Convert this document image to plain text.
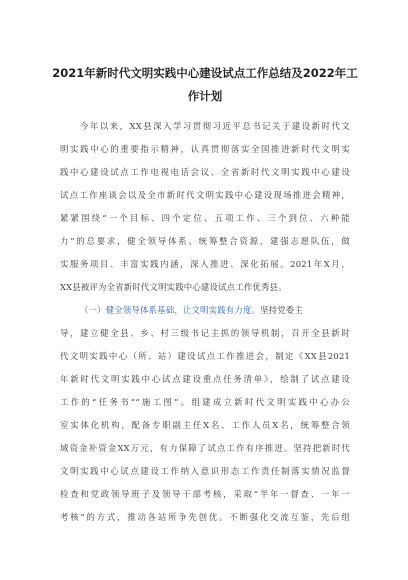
2021年新时代文明实践中心建设试点工作总结及2022年工
作计划
今年以来，XX县深入学习贯彻习近平总书记关于建设新时代文
明实践中心的重要指示精神，认真贯彻落实全国推进新时代文明实
践中心建设试点工作电视电话会议、全省新时代文明实践中心建设
试点工作座谈会以及全市新时代文明实践中心建设现场推进会精神，
紧紧围绕“一个目标、四个定位、五项工作、三个到位、六种能
力”的总要求，健全领导体系、统筹整合资源，建强志愿队伍，做
实服务项目、丰富实践内涵，深入推进、深化拓展。2021年X月，
XX县被评为全省新时代文明实践中心建设试点工作优秀县。
（一）健全领导体系基础，让文明实践有力度。坚持党委主
导，建立健全县、乡、村三级书记主抓的领导机制，召开全县新时
代文明实践中心（所、站）建设试点工作推进会，制定《XX县2021
年新时代文明实践中心试点建设重点任务清单》，绘制了试点建设
工作的“任务书”“施工图”。组建成立新时代文明实践中心办公
室实体化机构，配备专职副主任X名、工作人员X名，统筹整合领
域资金补资金XX万元，有力保障了试点工作有序推进。坚持把新时代
文明实践中心试点建设工作纳入意识形态工作责任制落实情况监督
检查和党政领导班子及领导干部考核，采取“半年一督查、一年一
考核”的方式，推动各站所争先创优。不断强化交流互鉴，先后组
